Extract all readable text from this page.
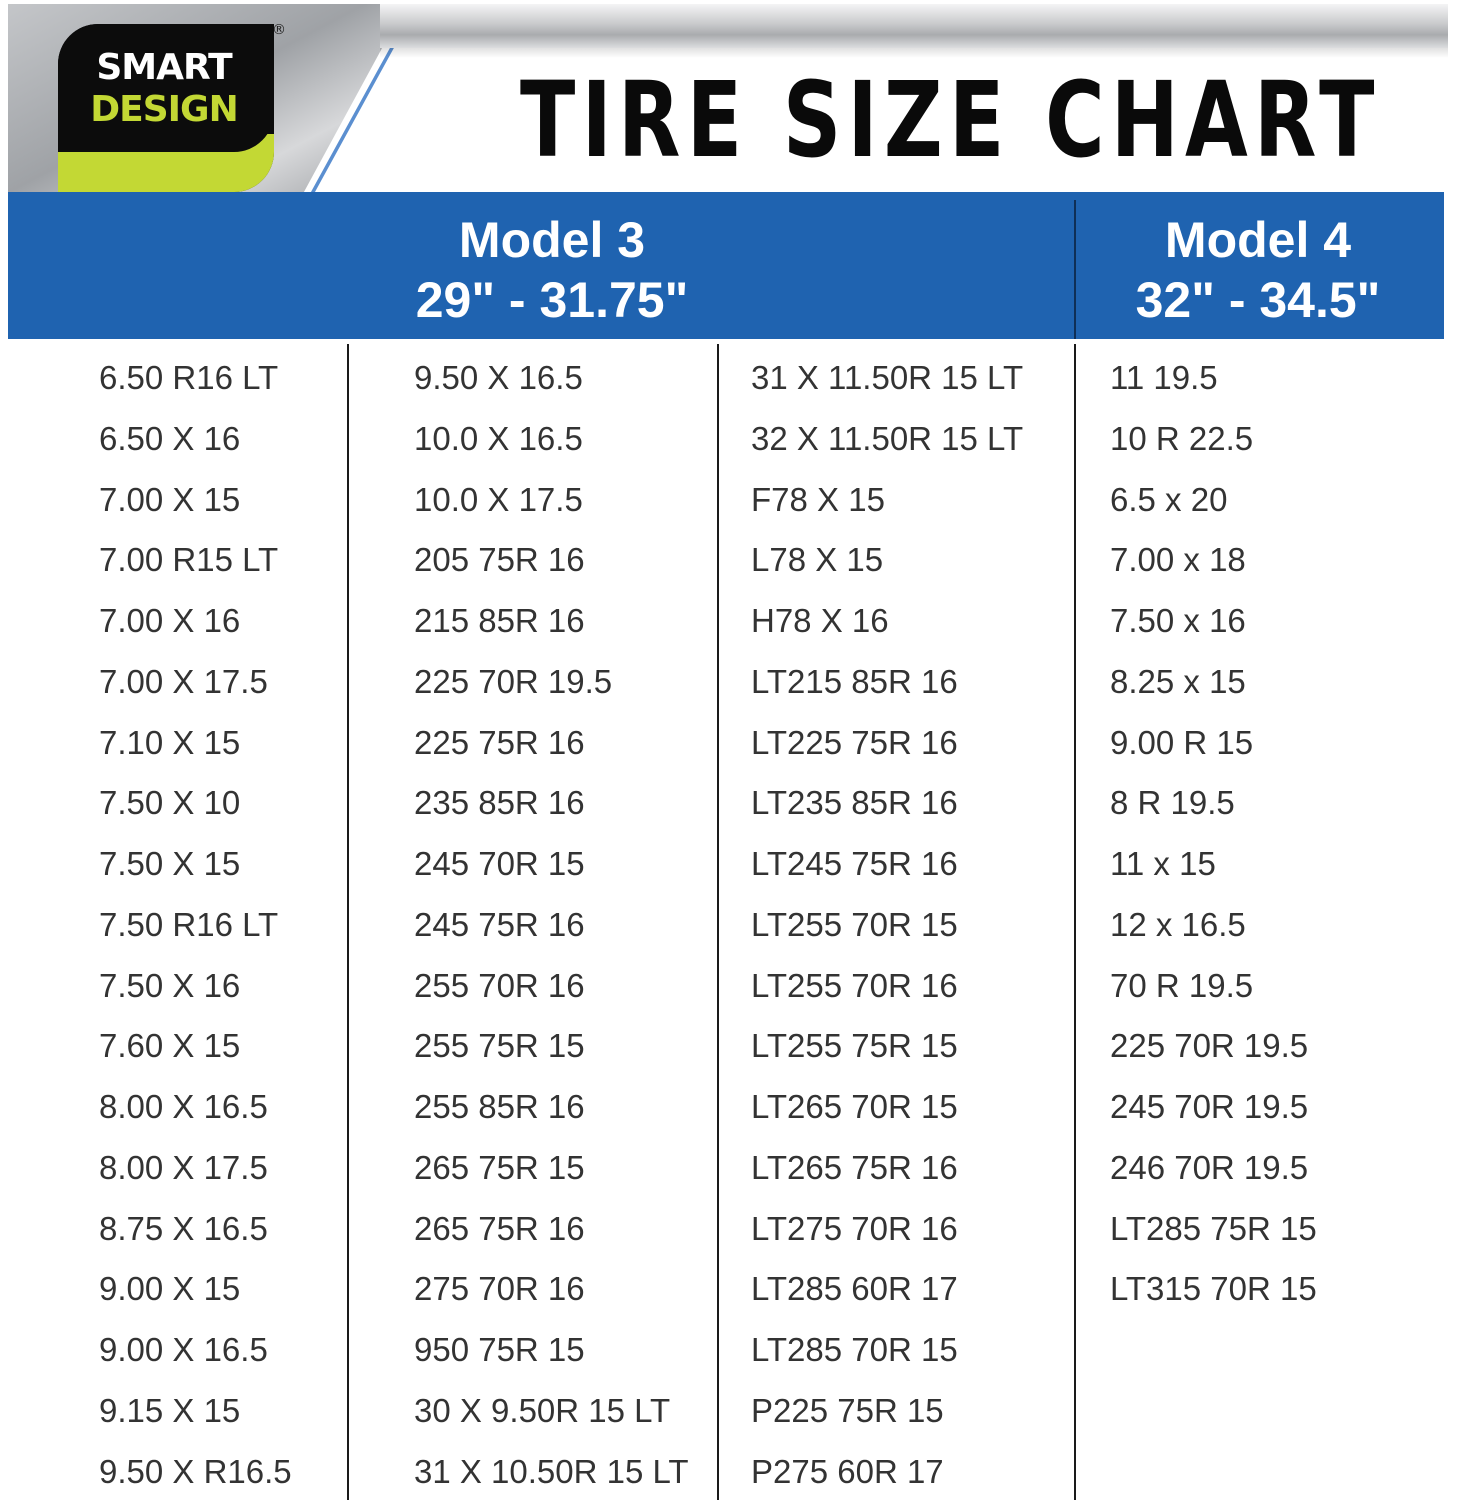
SMART
DESIGN
®
TIRE SIZE CHART
Model 3
29" - 31.75"
Model 4
32" - 34.5"
6.50 R16 LT
6.50 X 16
7.00 X 15
7.00 R15 LT
7.00 X 16
7.00 X 17.5
7.10 X 15
7.50 X 10
7.50 X 15
7.50 R16 LT
7.50 X 16
7.60 X 15
8.00 X 16.5
8.00 X 17.5
8.75 X 16.5
9.00 X 15
9.00 X 16.5
9.15 X 15
9.50 X R16.5
9.50 X 16.5
10.0 X 16.5
10.0 X 17.5
205 75R 16
215 85R 16
225 70R 19.5
225 75R 16
235 85R 16
245 70R 15
245 75R 16
255 70R 16
255 75R 15
255 85R 16
265 75R 15
265 75R 16
275 70R 16
950 75R 15
30 X 9.50R 15 LT
31 X 10.50R 15 LT
31 X 11.50R 15 LT
32 X 11.50R 15 LT
F78 X 15
L78 X 15
H78 X 16
LT215 85R 16
LT225 75R 16
LT235 85R 16
LT245 75R 16
LT255 70R 15
LT255 70R 16
LT255 75R 15
LT265 70R 15
LT265 75R 16
LT275 70R 16
LT285 60R 17
LT285 70R 15
P225 75R 15
P275 60R 17
11 19.5
10 R 22.5
6.5 x 20
7.00 x 18
7.50 x 16
8.25 x 15
9.00 R 15
8 R 19.5
11 x 15
12 x 16.5
70 R 19.5
225 70R 19.5
245 70R 19.5
246 70R 19.5
LT285 75R 15
LT315 70R 15
